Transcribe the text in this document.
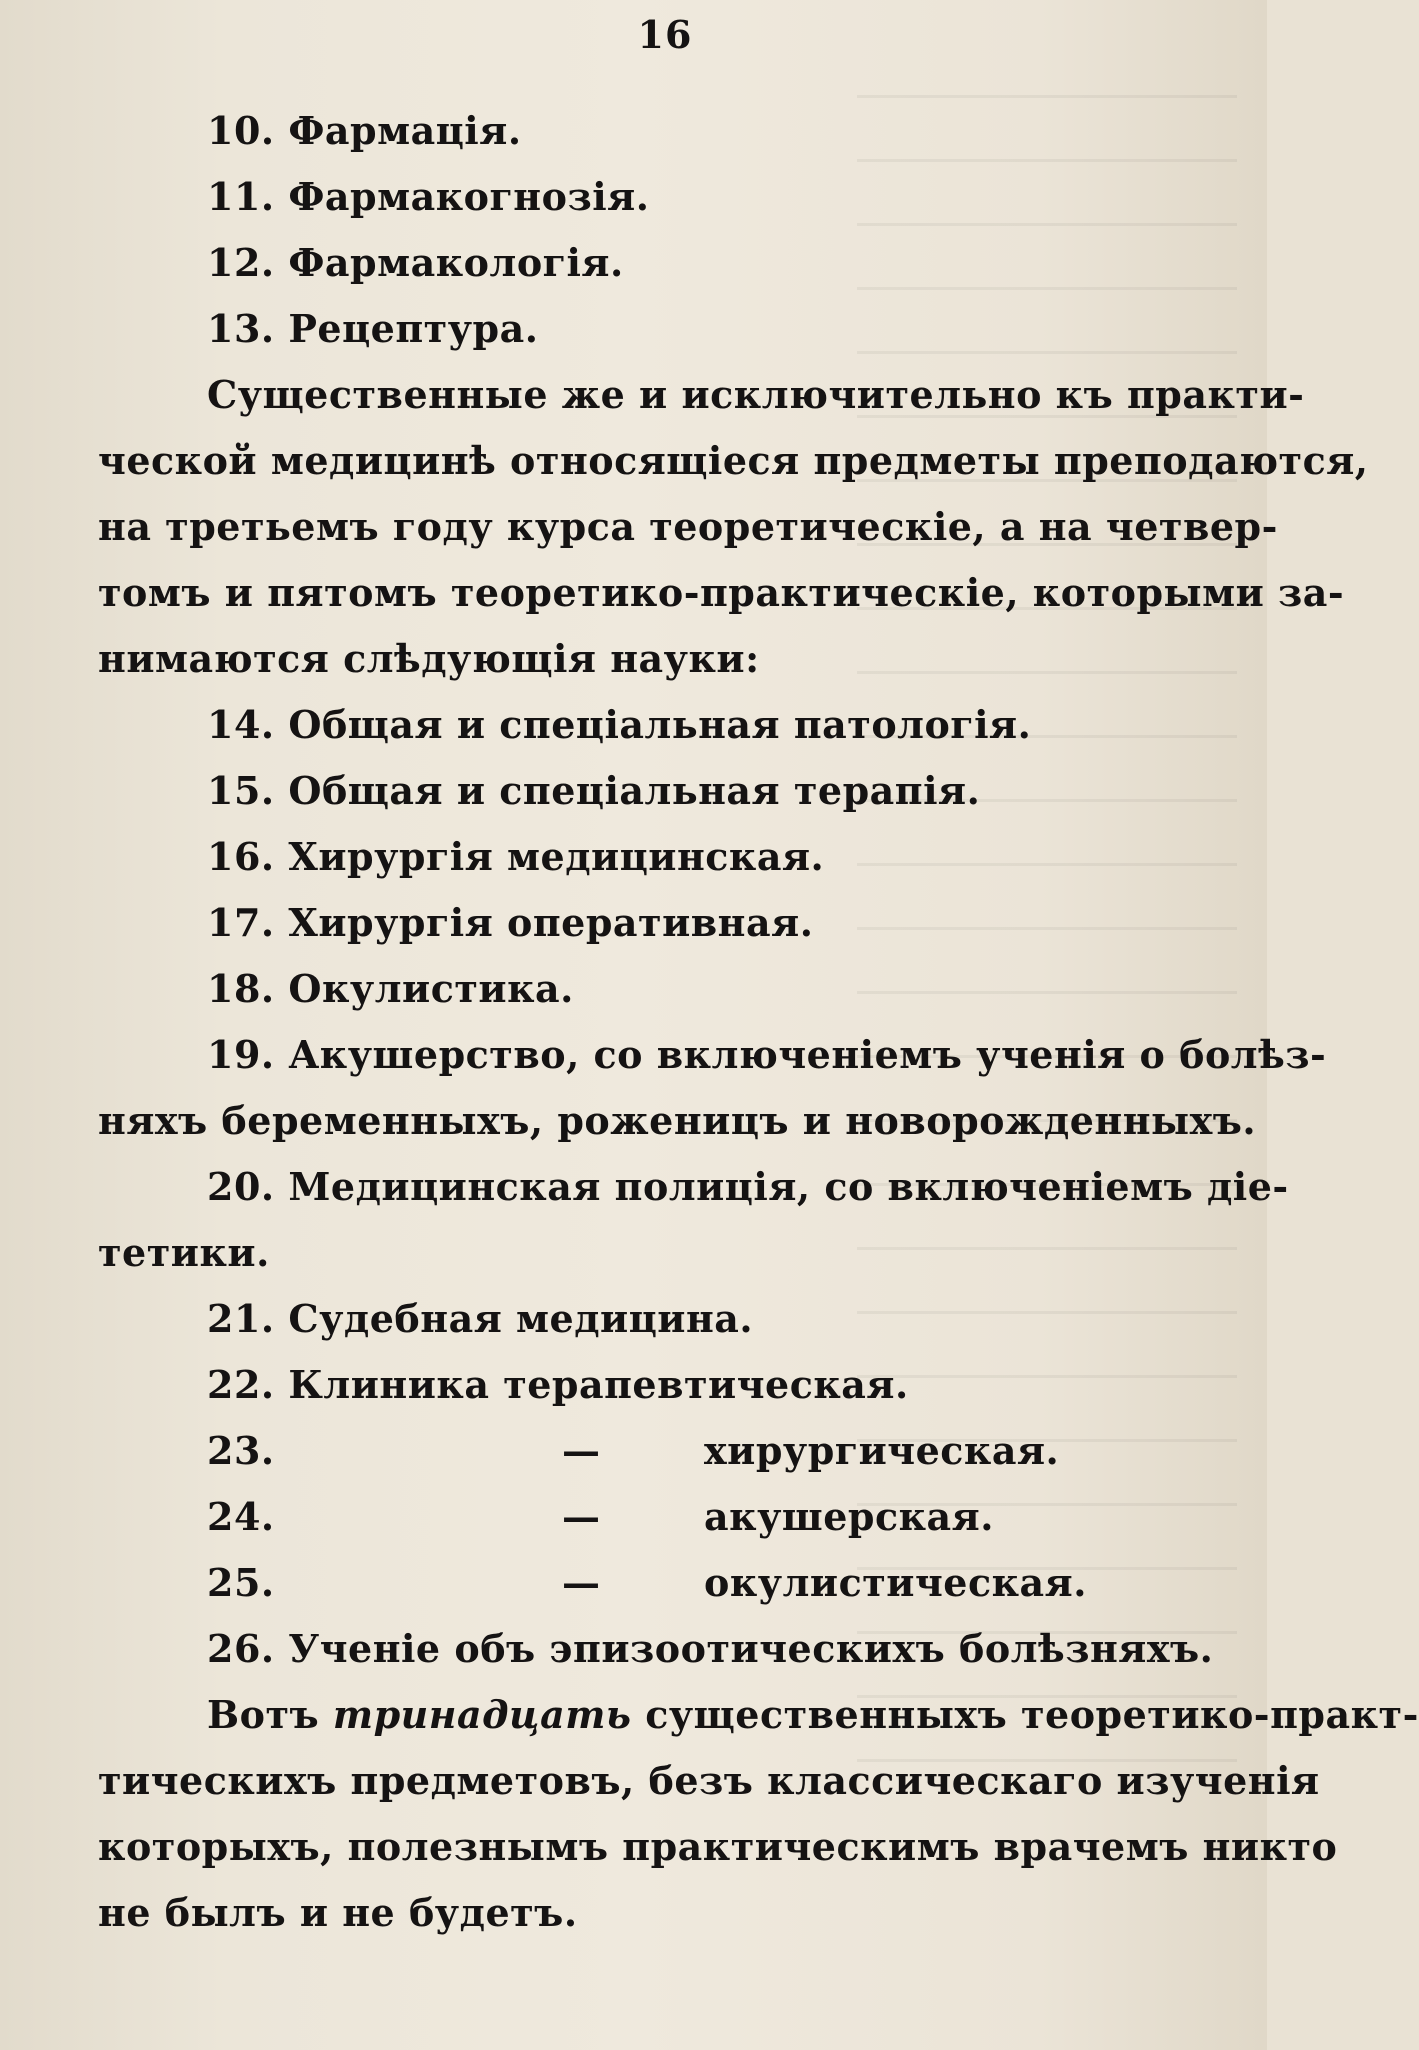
16
10. Фармація.
11. Фармакогнозія.
12. Фармакологія.
13. Рецептура.
Существенные же и исключительно къ практи-
ческой медицинѣ относящіеся предметы преподаются,
на третьемъ году курса теоретическіе, а на четвер-
томъ и пятомъ теоретико-практическіе, которыми за-
нимаются слѣдующія науки:
14. Общая и спеціальная патологія.
15. Общая и спеціальная терапія.
16. Хирургія медицинская.
17. Хирургія оперативная.
18. Окулистика.
19. Акушерство, со включеніемъ ученія о болѣз-
няхъ беременныхъ, роженицъ и новорожденныхъ.
20. Медицинская полиція, со включеніемъ діе-
тетики.
21. Судебная медицина.
22. Клиника терапевтическая.
23.	—	хирургическая.
24.	—	акушерская.
25.	—	окулистическая.
26. Ученіе объ эпизоотическихъ болѣзняхъ.
Вотъ тринадцать существенныхъ теоретико-практ-
тическихъ предметовъ, безъ классическаго изученія
которыхъ, полезнымъ практическимъ врачемъ никто
не былъ и не будетъ.
